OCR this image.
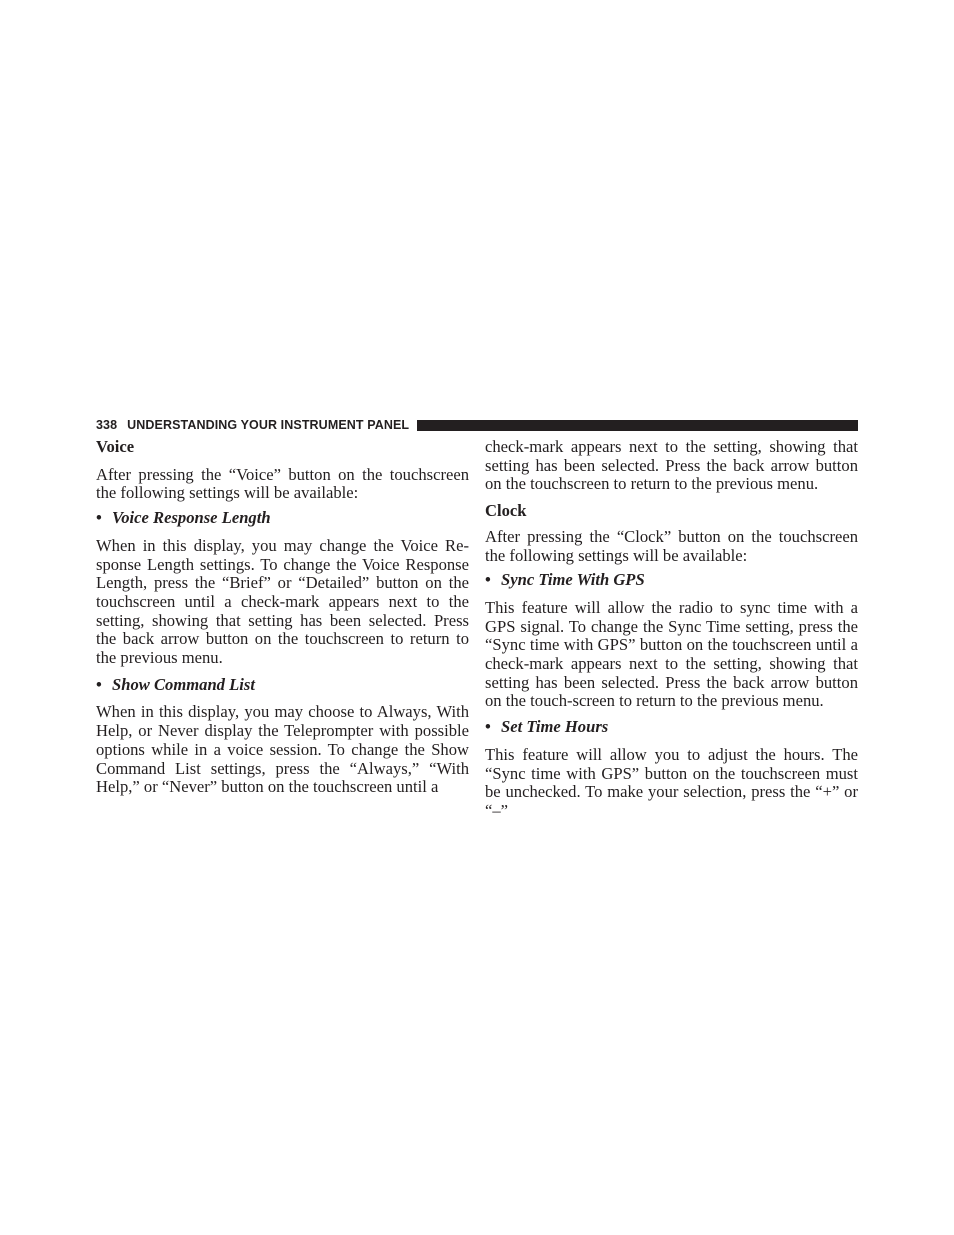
338 UNDERSTANDING YOUR INSTRUMENT PANEL

Voice

After pressing the “Voice” button on the touchscreen the following settings will be available:

• Voice Response Length

When in this display, you may change the Voice Re-sponse Length settings. To change the Voice Response Length, press the “Brief” or “Detailed” button on the touchscreen until a check-mark appears next to the setting, showing that setting has been selected. Press the back arrow button on the touchscreen to return to the previous menu.

• Show Command List

When in this display, you may choose to Always, With Help, or Never display the Teleprompter with possible options while in a voice session. To change the Show Command List settings, press the “Always,” “With Help,” or “Never” button on the touchscreen until a

check-mark appears next to the setting, showing that setting has been selected. Press the back arrow button on the touchscreen to return to the previous menu.

Clock

After pressing the “Clock” button on the touchscreen the following settings will be available:

• Sync Time With GPS

This feature will allow the radio to sync time with a GPS signal. To change the Sync Time setting, press the “Sync time with GPS” button on the touchscreen until a check-mark appears next to the setting, showing that setting has been selected. Press the back arrow button on the touch-screen to return to the previous menu.

• Set Time Hours

This feature will allow you to adjust the hours. The “Sync time with GPS” button on the touchscreen must be unchecked. To make your selection, press the “+” or “–”
